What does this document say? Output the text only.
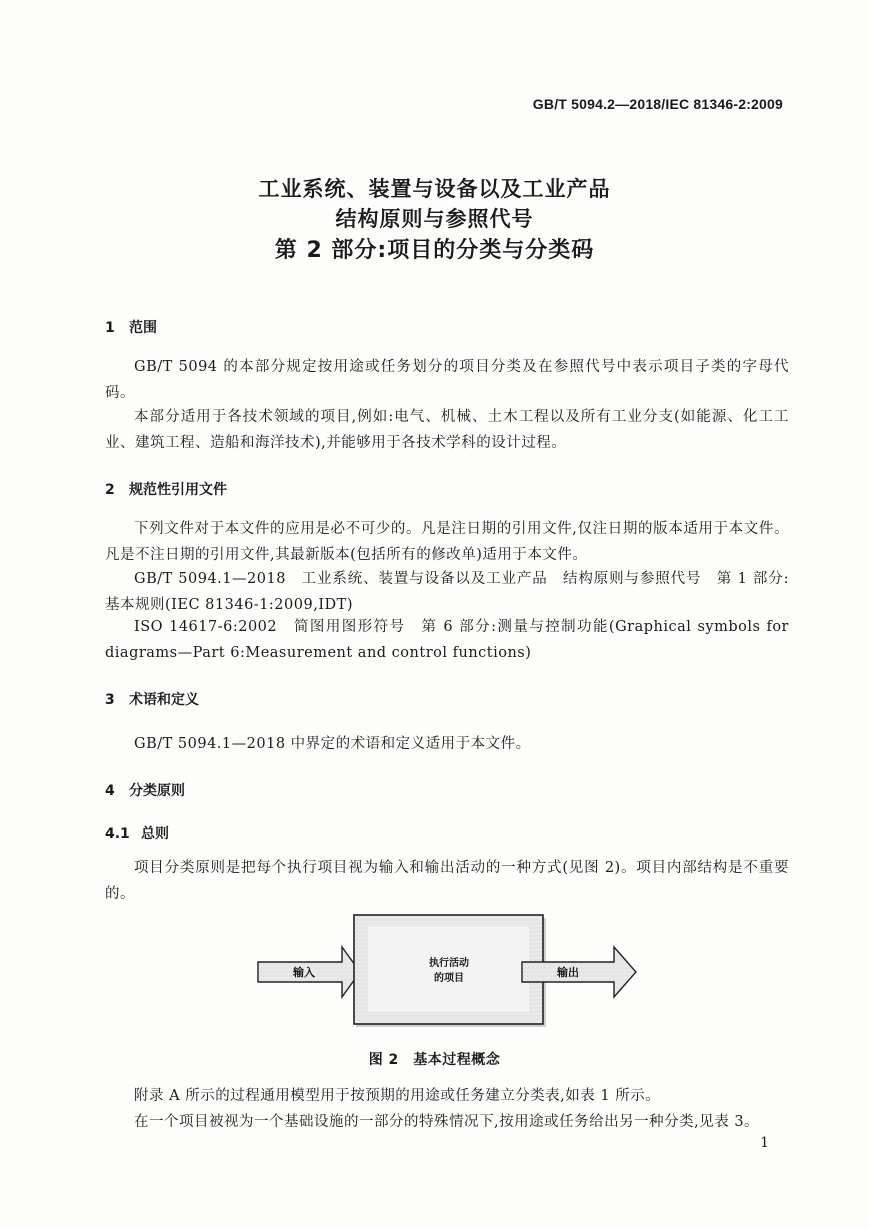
GB/T 5094.2—2018/IEC 81346-2:2009
工业系统、装置与设备以及工业产品
结构原则与参照代号
第 2 部分:项目的分类与分类码
1 范围
GB/T 5094 的本部分规定按用途或任务划分的项目分类及在参照代号中表示项目子类的字母代码。
本部分适用于各技术领域的项目,例如:电气、机械、土木工程以及所有工业分支(如能源、化工工业、建筑工程、造船和海洋技术),并能够用于各技术学科的设计过程。
2 规范性引用文件
下列文件对于本文件的应用是必不可少的。凡是注日期的引用文件,仅注日期的版本适用于本文件。凡是不注日期的引用文件,其最新版本(包括所有的修改单)适用于本文件。
GB/T 5094.1—2018　工业系统、装置与设备以及工业产品　结构原则与参照代号　第 1 部分:基本规则(IEC 81346-1:2009,IDT)
ISO 14617-6:2002　简图用图形符号　第 6 部分:测量与控制功能(Graphical symbols for diagrams—Part 6:Measurement and control functions)
3 术语和定义
GB/T 5094.1—2018 中界定的术语和定义适用于本文件。
4 分类原则
4.1 总则
项目分类原则是把每个执行项目视为输入和输出活动的一种方式(见图 2)。项目内部结构是不重要的。
输入
执行活动
的项目	输出
图 2　基本过程概念
附录 A 所示的过程通用模型用于按预期的用途或任务建立分类表,如表 1 所示。
在一个项目被视为一个基础设施的一部分的特殊情况下,按用途或任务给出另一种分类,见表 3。
1
